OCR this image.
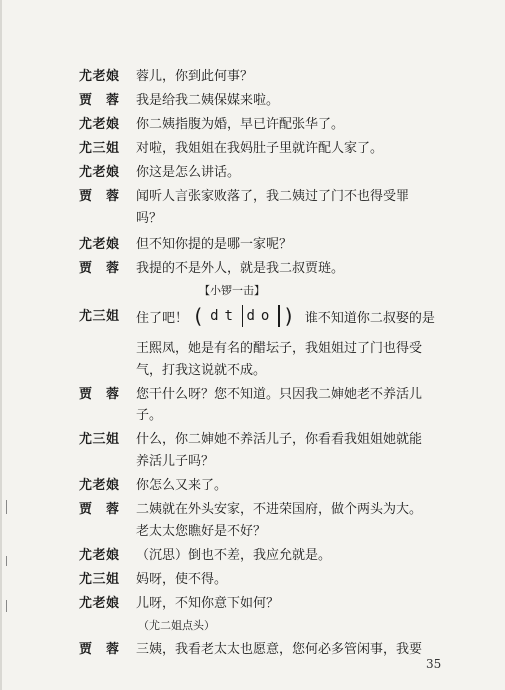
尤老娘 蓉儿，你到此何事？
贾　蓉 我是给我二姨保媒来啦。
尤老娘 你二姨指腹为婚，早已许配张华了。
尤三姐 对啦，我姐姐在我妈肚子里就许配人家了。
尤老娘 你这是怎么讲话。
贾　蓉 闻听人言张家败落了，我二姨过了门不也得受罪
吗？
尤老娘 但不知你提的是哪一家呢？
贾　蓉 我提的不是外人，就是我二叔贾琏。
【小锣一击】
尤三姐 住了吧！ (dt do ) 谁不知道你二叔娶的是
王熙凤，她是有名的醋坛子，我姐姐过了门也得受
气，打我这说就不成。
贾　蓉 您干什么呀？您不知道。只因我二婶她老不养活儿
子。
尤三姐 什么，你二婶她不养活儿子，你看看我姐姐她就能
养活儿子吗？
尤老娘 你怎么又来了。
贾　蓉 二姨就在外头安家，不进荣国府，做个两头为大。
老太太您瞧好是不好？
尤老娘 （沉思）倒也不差，我应允就是。
尤三姐 妈呀，使不得。
尤老娘 儿呀，不知你意下如何？
（尤二姐点头）
贾　蓉 三姨，我看老太太也愿意，您何必多管闲事，我要
35
